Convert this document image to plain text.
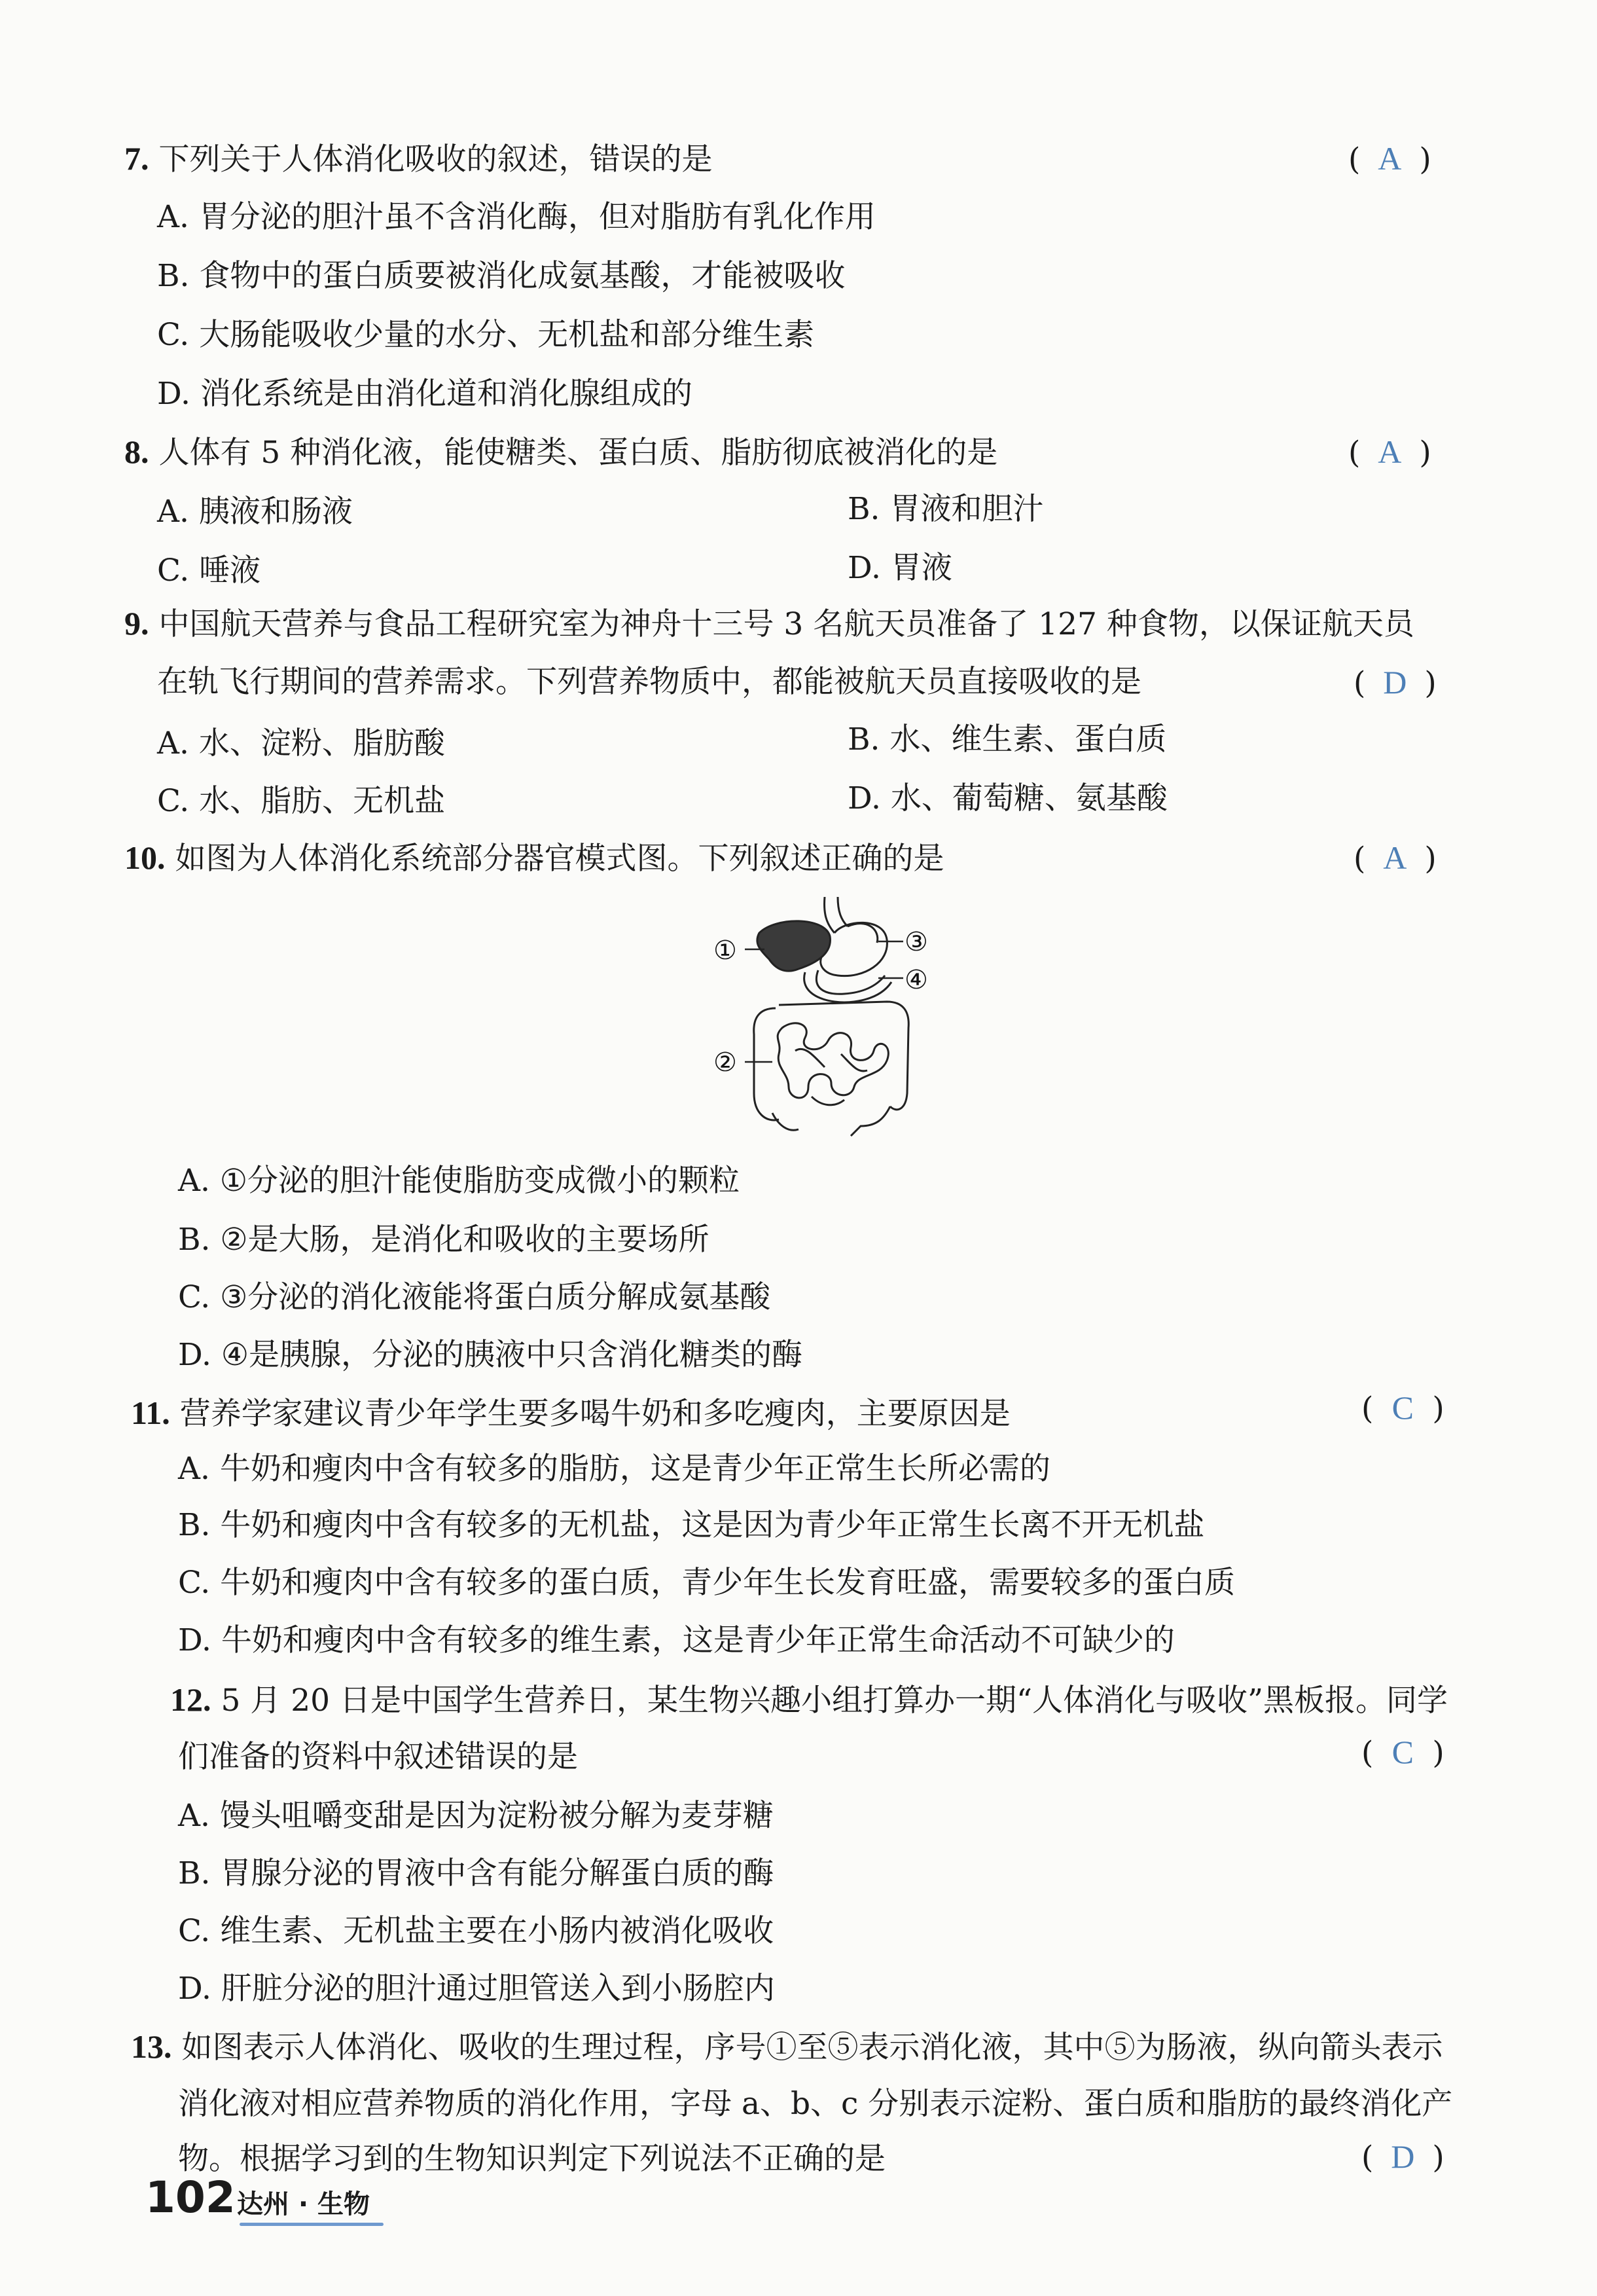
7. 下列关于人体消化吸收的叙述，错误的是	( A )
A. 胃分泌的胆汁虽不含消化酶，但对脂肪有乳化作用
B. 食物中的蛋白质要被消化成氨基酸，才能被吸收
C. 大肠能吸收少量的水分、无机盐和部分维生素
D. 消化系统是由消化道和消化腺组成的
8. 人体有 5 种消化液，能使糖类、蛋白质、脂肪彻底被消化的是	( A )
A. 胰液和肠液	B. 胃液和胆汁
C. 唾液	D. 胃液
9. 中国航天营养与食品工程研究室为神舟十三号 3 名航天员准备了 127 种食物，以保证航天员
在轨飞行期间的营养需求。下列营养物质中，都能被航天员直接吸收的是	( D )
A. 水、淀粉、脂肪酸	B. 水、维生素、蛋白质
C. 水、脂肪、无机盐	D. 水、葡萄糖、氨基酸
10. 如图为人体消化系统部分器官模式图。下列叙述正确的是	( A )
①	③
④
②
A. ①分泌的胆汁能使脂肪变成微小的颗粒
B. ②是大肠，是消化和吸收的主要场所
C. ③分泌的消化液能将蛋白质分解成氨基酸
D. ④是胰腺，分泌的胰液中只含消化糖类的酶
11. 营养学家建议青少年学生要多喝牛奶和多吃瘦肉，主要原因是	( C )
A. 牛奶和瘦肉中含有较多的脂肪，这是青少年正常生长所必需的
B. 牛奶和瘦肉中含有较多的无机盐，这是因为青少年正常生长离不开无机盐
C. 牛奶和瘦肉中含有较多的蛋白质，青少年生长发育旺盛，需要较多的蛋白质
D. 牛奶和瘦肉中含有较多的维生素，这是青少年正常生命活动不可缺少的
12. 5 月 20 日是中国学生营养日，某生物兴趣小组打算办一期“人体消化与吸收”黑板报。同学
们准备的资料中叙述错误的是	( C )
A. 馒头咀嚼变甜是因为淀粉被分解为麦芽糖
B. 胃腺分泌的胃液中含有能分解蛋白质的酶
C. 维生素、无机盐主要在小肠内被消化吸收
D. 肝脏分泌的胆汁通过胆管送入到小肠腔内
13. 如图表示人体消化、吸收的生理过程，序号①至⑤表示消化液，其中⑤为肠液，纵向箭头表示
消化液对相应营养物质的消化作用，字母 a、b、c 分别表示淀粉、蛋白质和脂肪的最终消化产
物。根据学习到的生物知识判定下列说法不正确的是	( D )
102 达州 · 生物
